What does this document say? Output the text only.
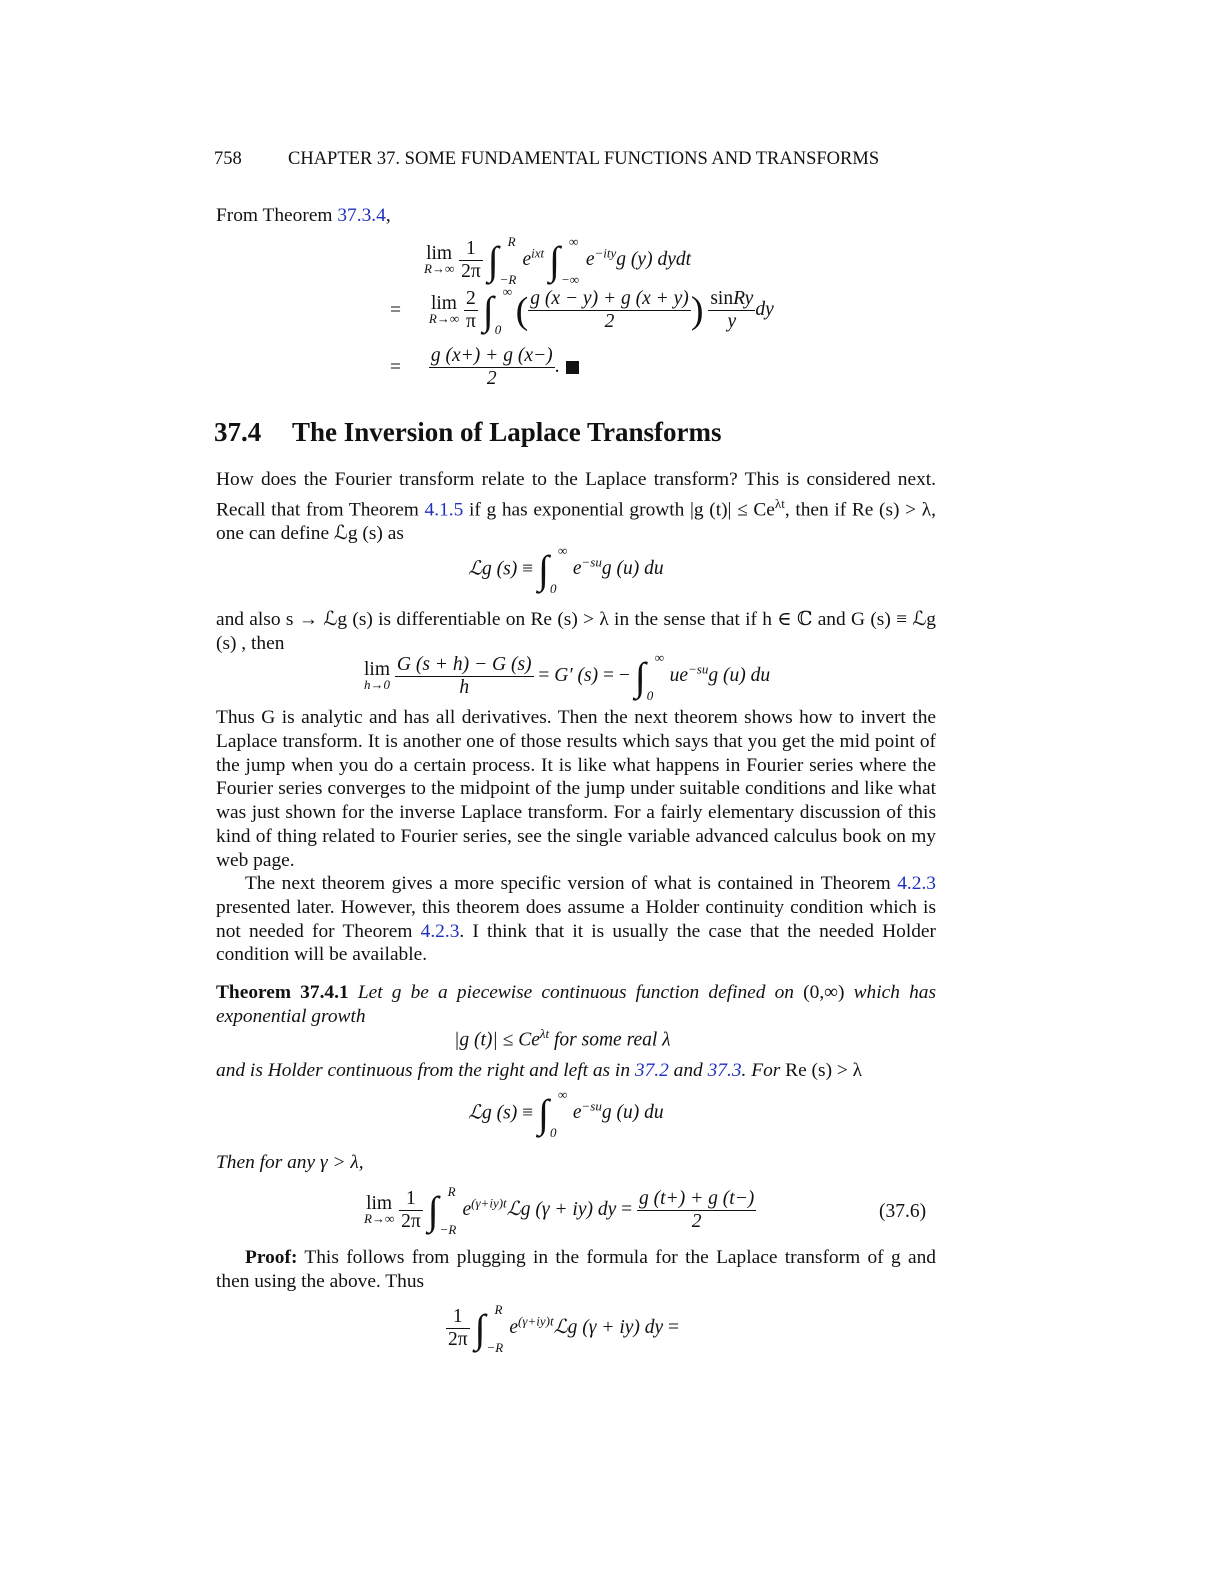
758	CHAPTER 37. SOME FUNDAMENTAL FUNCTIONS AND TRANSFORMS
From Theorem 37.3.4,
lim
R→∞
$\frac{1}{2\pi}$ ∫ R
−R
$e^{ixt}$ ∫ ∞
−∞
$e^{-ity}g$ (y) dydt
= lim
R→∞
$\frac{2}{\pi}$ ∫ ∞
0 ( $\frac{g (x - y) + g (x + y)}{2}$ ) $\frac{\text{sinRy}}{y}$ dy
= $\frac{g (x+) + g (x-)}{2}$ .
37.4 The Inversion of Laplace Transforms
How does the Fourier transform relate to the Laplace transform? This is considered next. Recall that from Theorem 4.1.5 if g has exponential growth |g $(t)| \le Ce^{\lambda t}$, then if Re (s) > λ, one can define ℒg (s) as
ℒg (s) ≡ ∫ ∞
0
$e^{-su}g$ (u) du
and also s → ℒg (s) is differentiable on Re (s) > λ in the sense that if h ∈ ℂ and G (s) ≡ ℒg (s) , then
lim
h→0
$\frac{G (s + h) - G (s)}{h} = G'$ (s) = − ∫ ∞
0
$ue^{-su}g$ (u) du
Thus G is analytic and has all derivatives. Then the next theorem shows how to invert the Laplace transform. It is another one of those results which says that you get the mid point of the jump when you do a certain process. It is like what happens in Fourier series where the Fourier series converges to the midpoint of the jump under suitable conditions and like what was just shown for the inverse Laplace transform. For a fairly elementary discussion of this kind of thing related to Fourier series, see the single variable advanced calculus book on my web page.
The next theorem gives a more specific version of what is contained in Theorem 4.2.3 presented later. However, this theorem does assume a Holder continuity condition which is not needed for Theorem 4.2.3. I think that it is usually the case that the needed Holder condition will be available.
Theorem 37.4.1 Let g be a piecewise continuous function defined on (0,∞) which has exponential growth
|g $(t)| \le Ce^{\lambda t}$ for some real λ
and is Holder continuous from the right and left as in 37.2 and 37.3. For Re (s) > λ
ℒg (s) ≡ ∫ ∞
0
$e^{-su}g$ (u) du
Then for any γ > λ,
lim
R→∞
$\frac{1}{2\pi}$ ∫ R
−R
$e^{(\gamma+iy)t}ℒg$ (γ + iy) dy = $\frac{g (t+) + g (t-)}{2}$	(37.6)
Proof: This follows from plugging in the formula for the Laplace transform of g and then using the above. Thus
$\frac{1}{2\pi}$ ∫ R
−R
$e^{(\gamma+iy)t}ℒg$ (γ + iy) dy =
